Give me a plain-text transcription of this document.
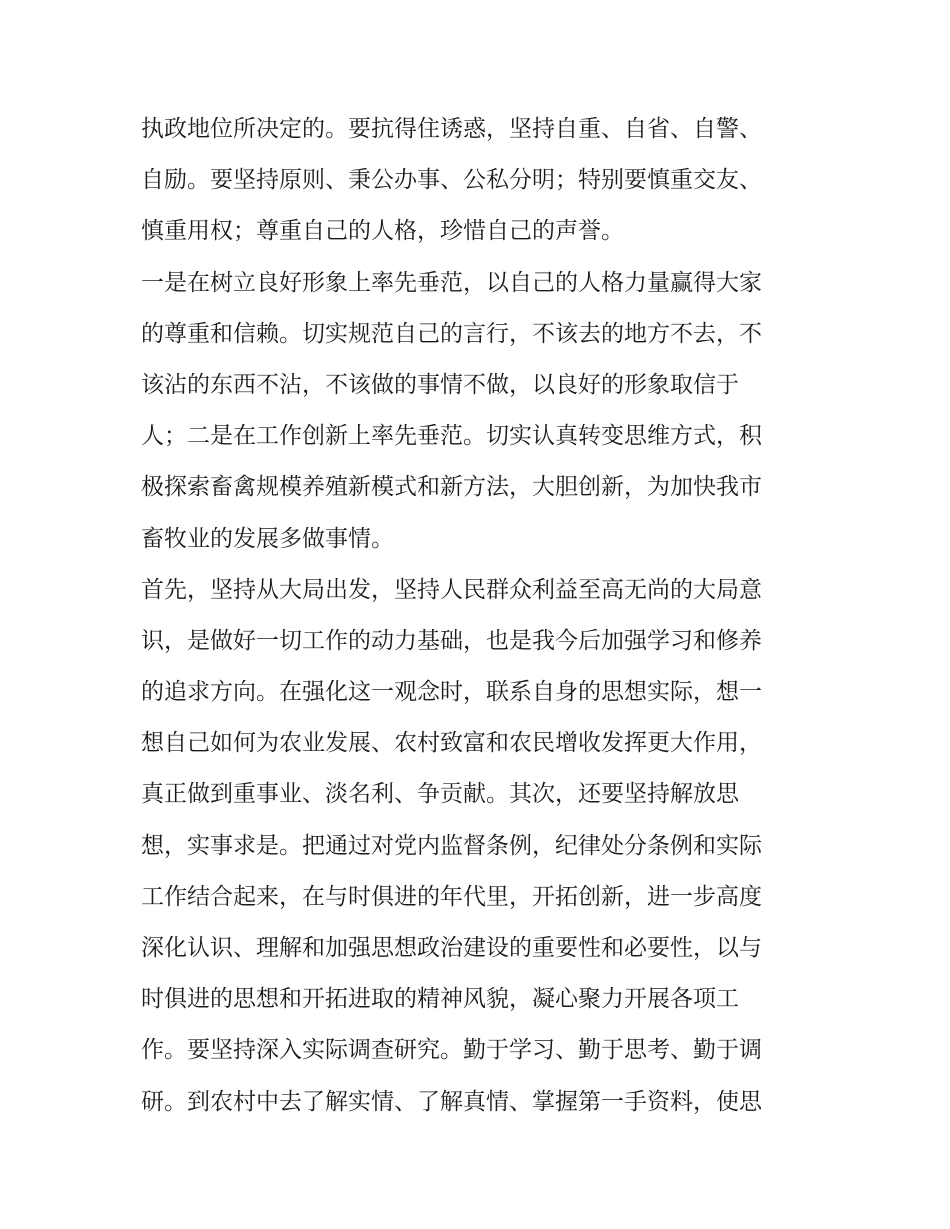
执政地位所决定的。要抗得住诱惑，坚持自重、自省、自警、
自励。要坚持原则、秉公办事、公私分明；特别要慎重交友、
慎重用权；尊重自己的人格，珍惜自己的声誉。
一是在树立良好形象上率先垂范，以自己的人格力量赢得大家
的尊重和信赖。切实规范自己的言行，不该去的地方不去，不
该沾的东西不沾，不该做的事情不做，以良好的形象取信于
人；二是在工作创新上率先垂范。切实认真转变思维方式，积
极探索畜禽规模养殖新模式和新方法，大胆创新，为加快我市
畜牧业的发展多做事情。
首先，坚持从大局出发，坚持人民群众利益至高无尚的大局意
识，是做好一切工作的动力基础，也是我今后加强学习和修养
的追求方向。在强化这一观念时，联系自身的思想实际，想一
想自己如何为农业发展、农村致富和农民增收发挥更大作用，
真正做到重事业、淡名利、争贡献。其次，还要坚持解放思
想，实事求是。把通过对党内监督条例，纪律处分条例和实际
工作结合起来，在与时俱进的年代里，开拓创新，进一步高度
深化认识、理解和加强思想政治建设的重要性和必要性，以与
时俱进的思想和开拓进取的精神风貌，凝心聚力开展各项工
作。要坚持深入实际调查研究。勤于学习、勤于思考、勤于调
研。到农村中去了解实情、了解真情、掌握第一手资料，使思
